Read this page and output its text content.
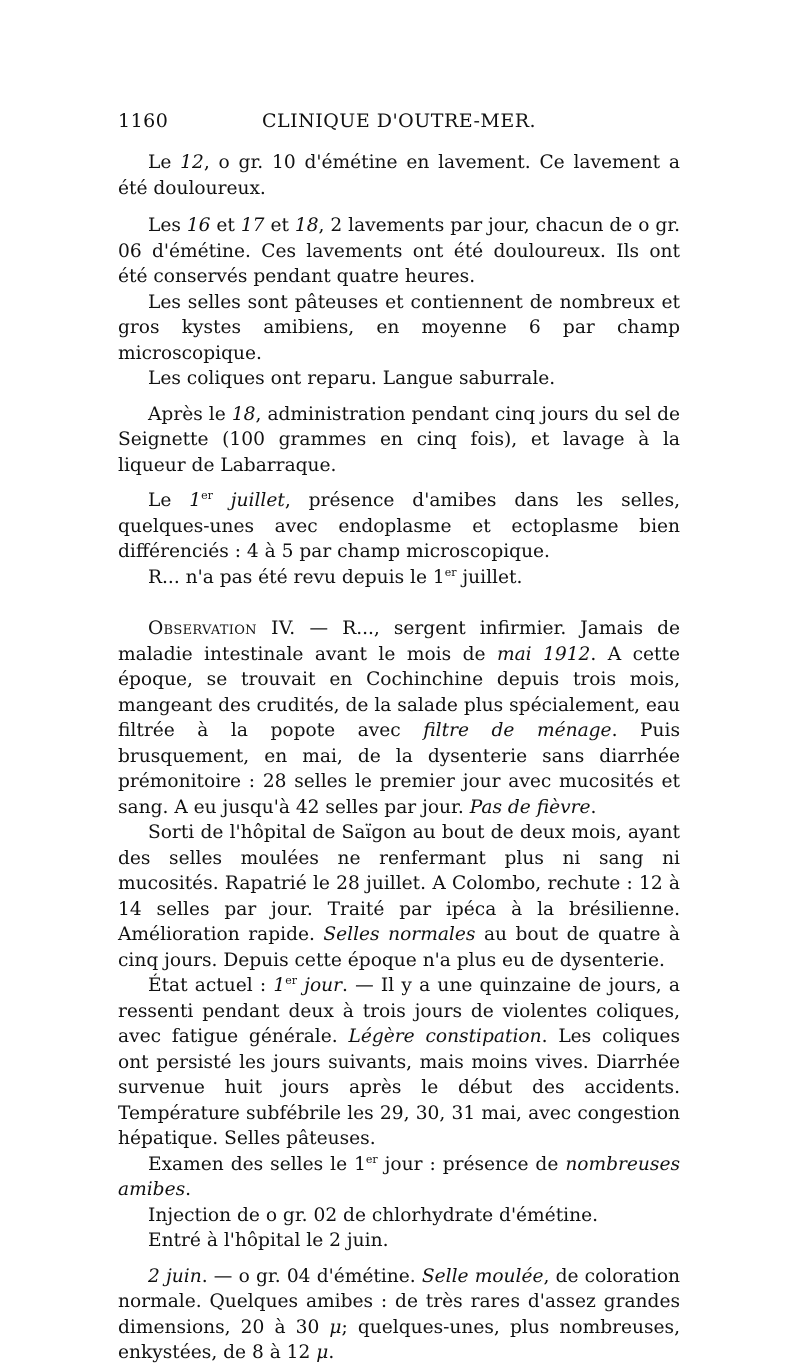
1160	CLINIQUE D'OUTRE-MER.

Le 12, o gr. 10 d'émétine en lavement. Ce lavement a été douloureux.

Les 16 et 17 et 18, 2 lavements par jour, chacun de o gr. 06 d'émétine. Ces lavements ont été douloureux. Ils ont été conservés pendant quatre heures.

Les selles sont pâteuses et contiennent de nombreux et gros kystes amibiens, en moyenne 6 par champ microscopique.

Les coliques ont reparu. Langue saburrale.

Après le 18, administration pendant cinq jours du sel de Seignette (100 grammes en cinq fois), et lavage à la liqueur de Labarraque.

Le 1er juillet, présence d'amibes dans les selles, quelques-unes avec endoplasme et ectoplasme bien différenciés : 4 à 5 par champ microscopique.

R... n'a pas été revu depuis le 1er juillet.

Observation IV. — R..., sergent infirmier. Jamais de maladie intestinale avant le mois de mai 1912. A cette époque, se trouvait en Cochinchine depuis trois mois, mangeant des crudités, de la salade plus spécialement, eau filtrée à la popote avec filtre de ménage. Puis brusquement, en mai, de la dysenterie sans diarrhée prémonitoire : 28 selles le premier jour avec mucosités et sang. A eu jusqu'à 42 selles par jour. Pas de fièvre.

Sorti de l'hôpital de Saïgon au bout de deux mois, ayant des selles moulées ne renfermant plus ni sang ni mucosités. Rapatrié le 28 juillet. A Colombo, rechute : 12 à 14 selles par jour. Traité par ipéca à la brésilienne. Amélioration rapide. Selles normales au bout de quatre à cinq jours. Depuis cette époque n'a plus eu de dysenterie.

État actuel : 1er jour. — Il y a une quinzaine de jours, a ressenti pendant deux à trois jours de violentes coliques, avec fatigue générale. Légère constipation. Les coliques ont persisté les jours suivants, mais moins vives. Diarrhée survenue huit jours après le début des accidents. Température subfébrile les 29, 30, 31 mai, avec congestion hépatique. Selles pâteuses.

Examen des selles le 1er jour : présence de nombreuses amibes.

Injection de o gr. 02 de chlorhydrate d'émétine.

Entré à l'hôpital le 2 juin.

2 juin. — o gr. 04 d'émétine. Selle moulée, de coloration normale. Quelques amibes : de très rares d'assez grandes dimensions, 20 à 30 μ; quelques-unes, plus nombreuses, enkystées, de 8 à 12 μ.
